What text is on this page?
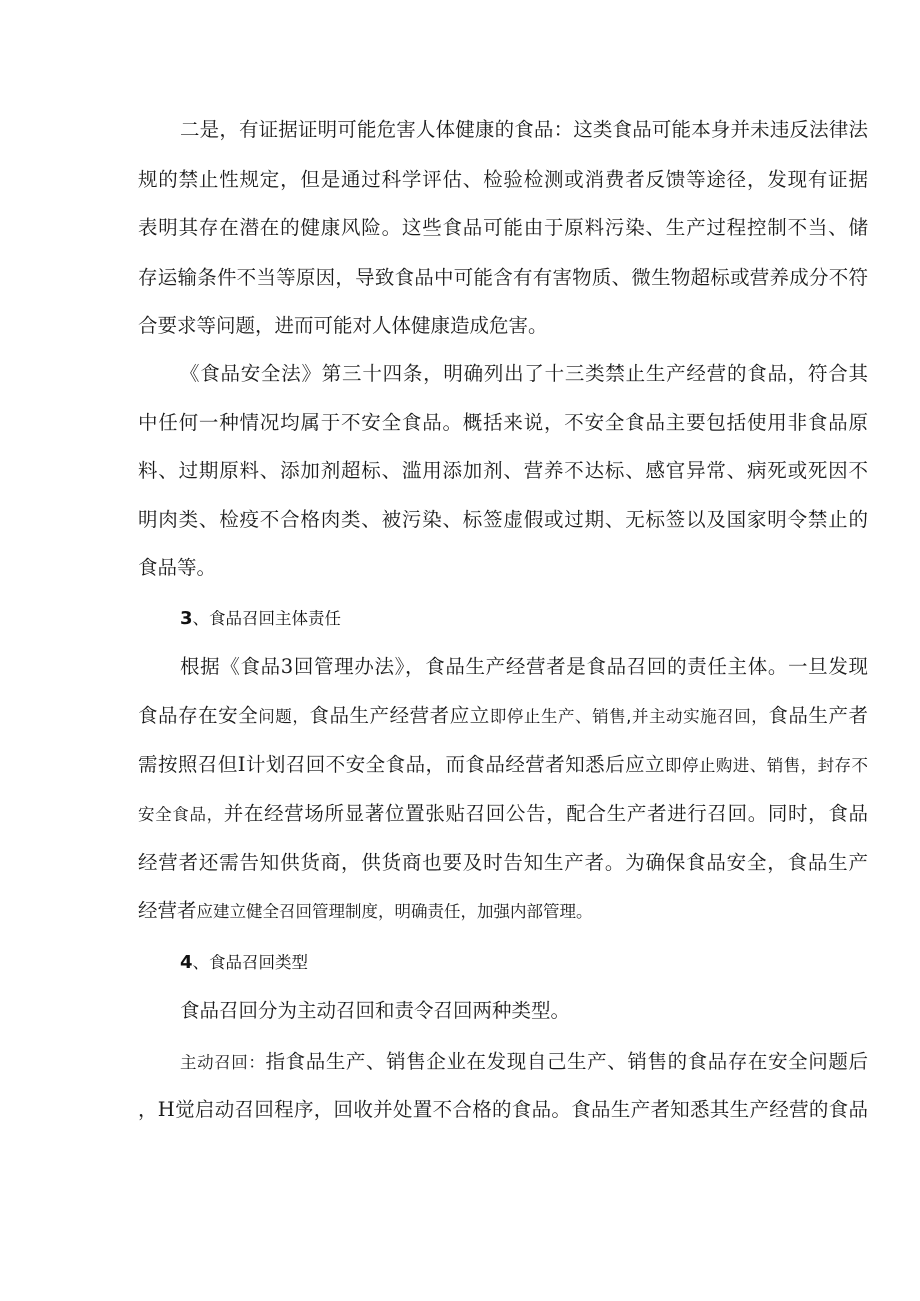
二是，有证据证明可能危害人体健康的食品：这类食品可能本身并未违反法律法
规的禁止性规定，但是通过科学评估、检验检测或消费者反馈等途径，发现有证据
表明其存在潜在的健康风险。这些食品可能由于原料污染、生产过程控制不当、储
存运输条件不当等原因，导致食品中可能含有有害物质、微生物超标或营养成分不符
合要求等问题，进而可能对人体健康造成危害。
《食品安全法》第三十四条，明确列出了十三类禁止生产经营的食品，符合其
中任何一种情况均属于不安全食品。概括来说，不安全食品主要包括使用非食品原
料、过期原料、添加剂超标、滥用添加剂、营养不达标、感官异常、病死或死因不
明肉类、检疫不合格肉类、被污染、标签虚假或过期、无标签以及国家明令禁止的
食品等。
3、食品召回主体责任
根据《食品3回管理办法》，食品生产经营者是食品召回的责任主体。一旦发现
食品存在安全问题，食品生产经营者应立即停止生产、销售,并主动实施召回，食品生产者
需按照召但I计划召回不安全食品，而食品经营者知悉后应立即停止购进、销售，封存不
安全食品，并在经营场所显著位置张贴召回公告，配合生产者进行召回。同时，食品
经营者还需告知供货商，供货商也要及时告知生产者。为确保食品安全，食品生产
经营者应建立健全召回管理制度，明确责任，加强内部管理。
4、食品召回类型
食品召回分为主动召回和责令召回两种类型。
主动召回：指食品生产、销售企业在发现自己生产、销售的食品存在安全问题后
，H觉启动召回程序，回收并处置不合格的食品。食品生产者知悉其生产经营的食品
